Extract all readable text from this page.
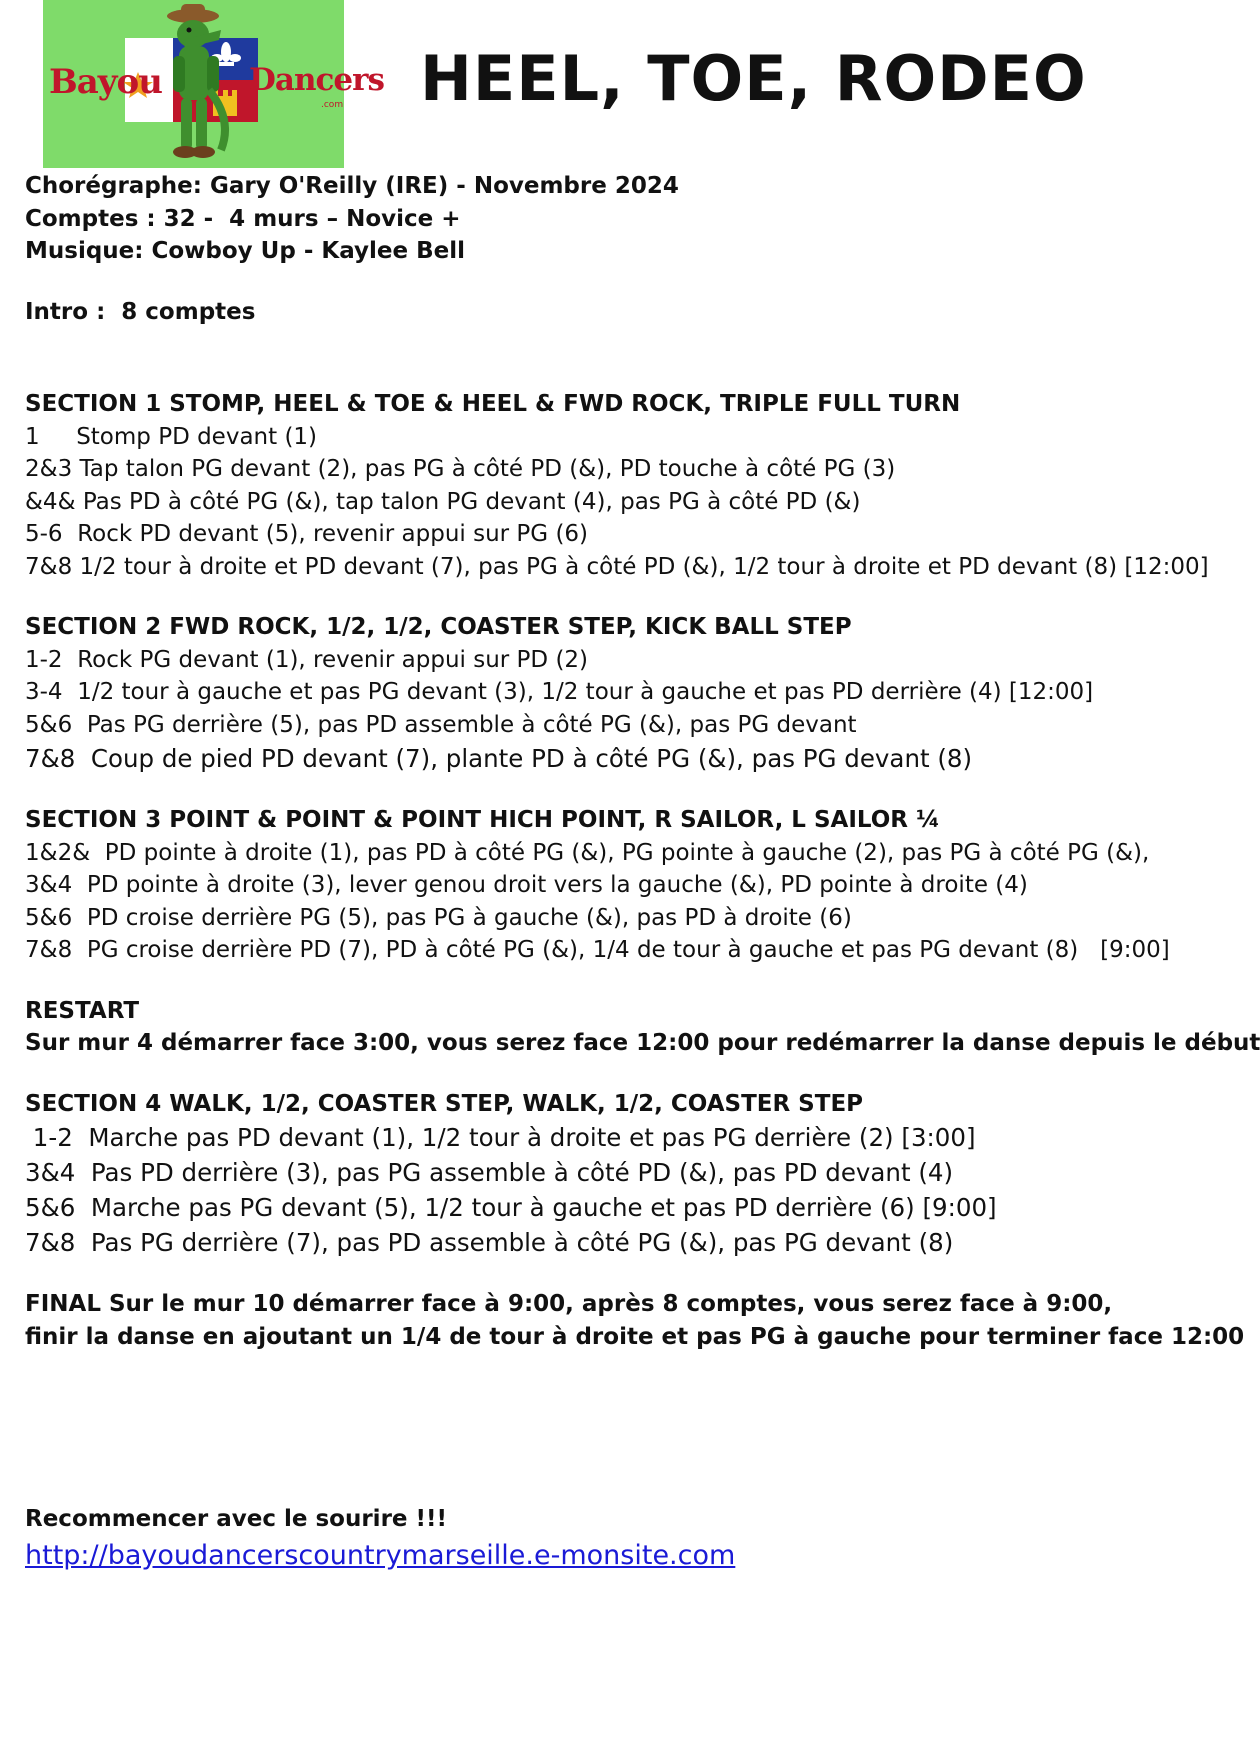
Bayou	Dancers
.com HEEL, TOE, RODEO
Chorégraphe: Gary O'Reilly (IRE) - Novembre 2024
Comptes : 32 -  4 murs – Novice +
Musique: Cowboy Up - Kaylee Bell
Intro :  8 comptes
SECTION 1 STOMP, HEEL & TOE & HEEL & FWD ROCK, TRIPLE FULL TURN
1     Stomp PD devant (1)
2&3 Tap talon PG devant (2), pas PG à côté PD (&), PD touche à côté PG (3)
&4& Pas PD à côté PG (&), tap talon PG devant (4), pas PG à côté PD (&)
5-6  Rock PD devant (5), revenir appui sur PG (6)
7&8 1/2 tour à droite et PD devant (7), pas PG à côté PD (&), 1/2 tour à droite et PD devant (8) [12:00]
SECTION 2 FWD ROCK, 1/2, 1/2, COASTER STEP, KICK BALL STEP
1-2  Rock PG devant (1), revenir appui sur PD (2)
3-4  1/2 tour à gauche et pas PG devant (3), 1/2 tour à gauche et pas PD derrière (4) [12:00]
5&6  Pas PG derrière (5), pas PD assemble à côté PG (&), pas PG devant
7&8  Coup de pied PD devant (7), plante PD à côté PG (&), pas PG devant (8)
SECTION 3 POINT & POINT & POINT HICH POINT, R SAILOR, L SAILOR ¼
1&2&  PD pointe à droite (1), pas PD à côté PG (&), PG pointe à gauche (2), pas PG à côté PG (&),
3&4  PD pointe à droite (3), lever genou droit vers la gauche (&), PD pointe à droite (4)
5&6  PD croise derrière PG (5), pas PG à gauche (&), pas PD à droite (6)
7&8  PG croise derrière PD (7), PD à côté PG (&), 1/4 de tour à gauche et pas PG devant (8)   [9:00]
RESTART
Sur mur 4 démarrer face 3:00, vous serez face 12:00 pour redémarrer la danse depuis le début
SECTION 4 WALK, 1/2, COASTER STEP, WALK, 1/2, COASTER STEP
1-2  Marche pas PD devant (1), 1/2 tour à droite et pas PG derrière (2) [3:00]
3&4  Pas PD derrière (3), pas PG assemble à côté PD (&), pas PD devant (4)
5&6  Marche pas PG devant (5), 1/2 tour à gauche et pas PD derrière (6) [9:00]
7&8  Pas PG derrière (7), pas PD assemble à côté PG (&), pas PG devant (8)
FINAL Sur le mur 10 démarrer face à 9:00, après 8 comptes, vous serez face à 9:00,
finir la danse en ajoutant un 1/4 de tour à droite et pas PG à gauche pour terminer face 12:00
Recommencer avec le sourire !!!
http://bayoudancerscountrymarseille.e-monsite.com
